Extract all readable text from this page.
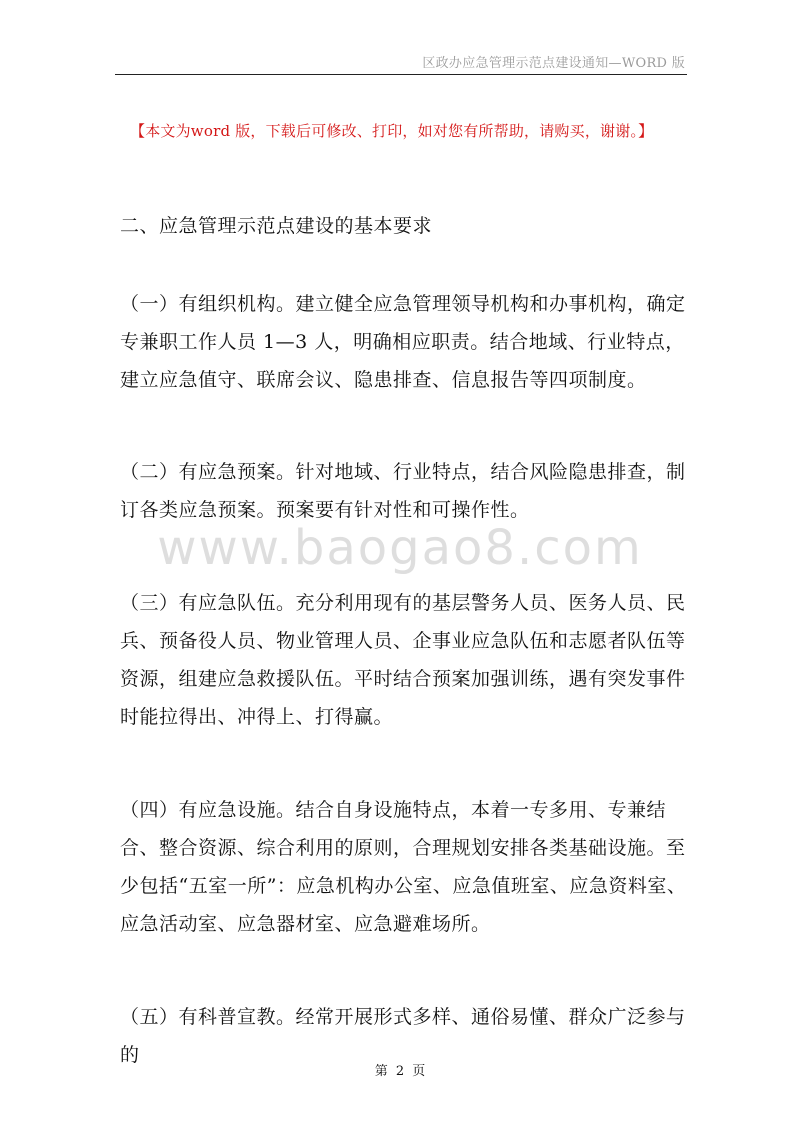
区政办应急管理示范点建设通知—WORD 版
【本文为word 版，下载后可修改、打印，如对您有所帮助，请购买，谢谢。】
www.baogao8.com
二、应急管理示范点建设的基本要求

（一）有组织机构。建立健全应急管理领导机构和办事机构，确定专兼职工作人员 1—3 人，明确相应职责。结合地域、行业特点，建立应急值守、联席会议、隐患排查、信息报告等四项制度。

（二）有应急预案。针对地域、行业特点，结合风险隐患排查，制订各类应急预案。预案要有针对性和可操作性。

（三）有应急队伍。充分利用现有的基层警务人员、医务人员、民兵、预备役人员、物业管理人员、企事业应急队伍和志愿者队伍等资源，组建应急救援队伍。平时结合预案加强训练，遇有突发事件时能拉得出、冲得上、打得赢。

（四）有应急设施。结合自身设施特点，本着一专多用、专兼结合、整合资源、综合利用的原则，合理规划安排各类基础设施。至少包括“五室一所”：应急机构办公室、应急值班室、应急资料室、应急活动室、应急器材室、应急避难场所。

（五）有科普宣教。经常开展形式多样、通俗易懂、群众广泛参与的

第 2 页
